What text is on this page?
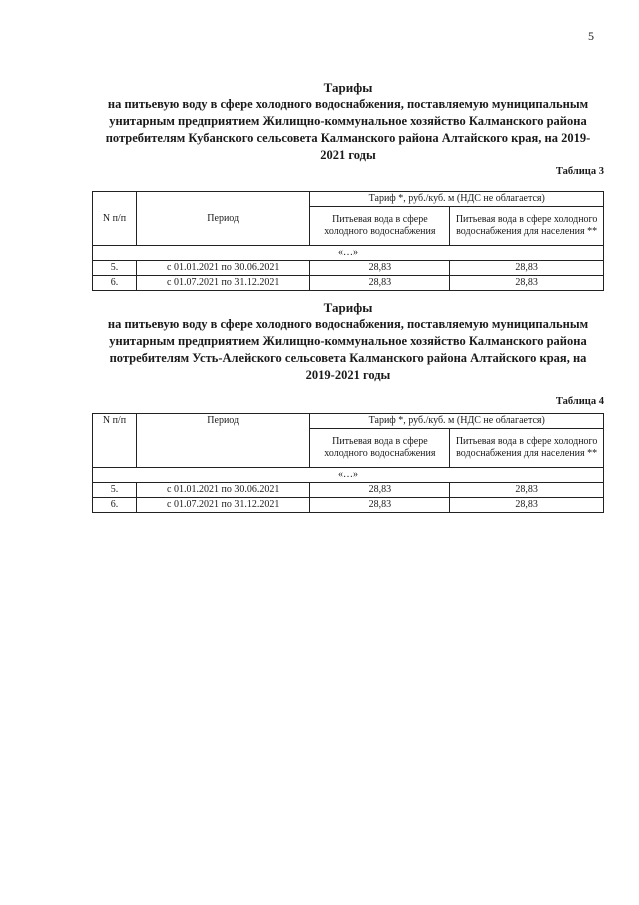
5
Тарифы
на питьевую воду в сфере холодного водоснабжения, поставляемую муниципальным
унитарным предприятием Жилищно-коммунальное хозяйство Калманского района
потребителям Кубанского сельсовета Калманского района Алтайского края, на 2019-
2021 годы
Таблица 3
N п/п	Период	Тариф *, руб./куб. м (НДС не облагается)	
		Питьевая вода в сфере холодного водоснабжения	Питьевая вода в сфере холодного водоснабжения для населения **
«…»			
5.	с 01.01.2021 по 30.06.2021	28,83	28,83
6.	с 01.07.2021 по 31.12.2021	28,83	28,83
Тарифы
на питьевую воду в сфере холодного водоснабжения, поставляемую муниципальным
унитарным предприятием Жилищно-коммунальное хозяйство Калманского района
потребителям Усть-Алейского сельсовета Калманского района Алтайского края, на
2019-2021 годы
Таблица 4
N п/п	Период	Тариф *, руб./куб. м (НДС не облагается)	
		Питьевая вода в сфере холодного водоснабжения	Питьевая вода в сфере холодного водоснабжения для населения **
«…»			
5.	с 01.01.2021 по 30.06.2021	28,83	28,83
6.	с 01.07.2021 по 31.12.2021	28,83	28,83
